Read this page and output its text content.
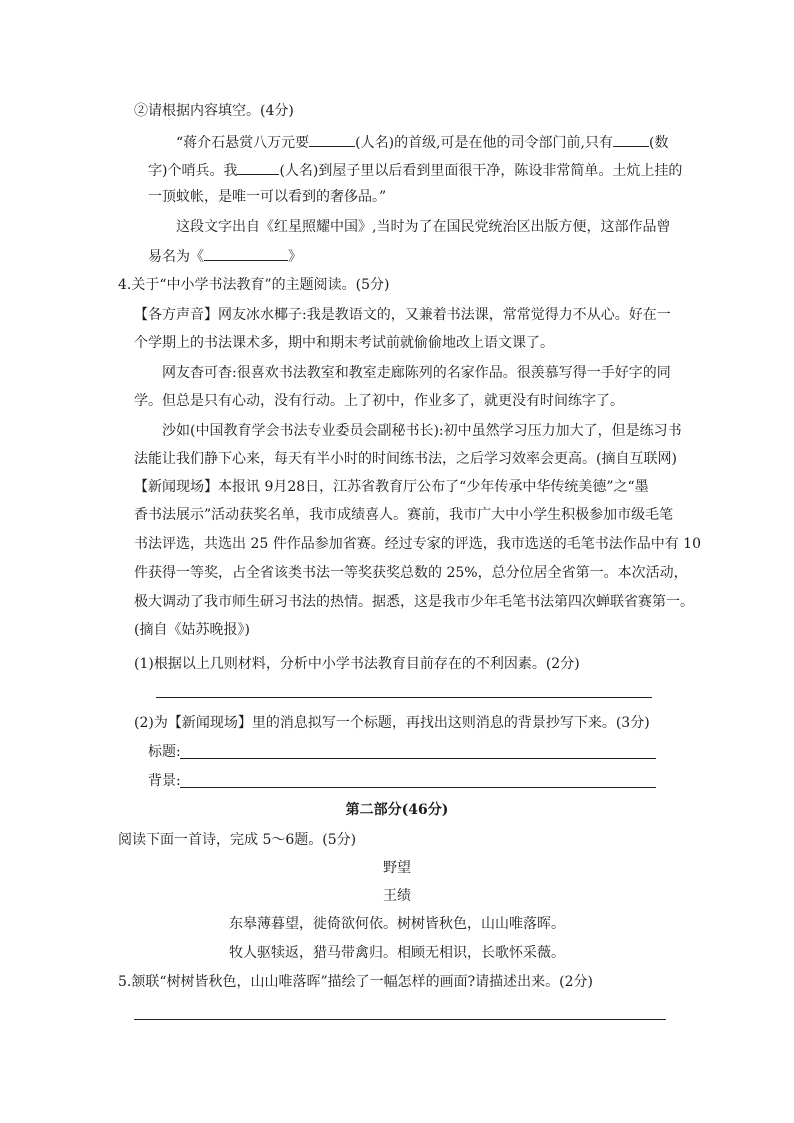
②请根据内容填空。(4分)
“蒋介石悬赏八万元要	(人名)的首级,可是在他的司令部门前,只有	(数
字)个哨兵。我	(人名)到屋子里以后看到里面很干净，陈设非常简单。土炕上挂的
一顶蚊帐，是唯一可以看到的奢侈品。”
这段文字出自《红星照耀中国》,当时为了在国民党统治区出版方便，这部作品曾
易名为《	》
4.关于“中小学书法教育”的主题阅读。(5分)
【各方声音】网友冰水椰子:我是教语文的，又兼着书法课，常常觉得力不从心。好在一
个学期上的书法课术多，期中和期末考试前就偷偷地改上语文课了。
网友杳可杳:很喜欢书法教室和教室走廊陈列的名家作品。很羡慕写得一手好字的同
学。但总是只有心动，没有行动。上了初中，作业多了，就更没有时间练字了。
沙如(中国教育学会书法专业委员会副秘书长):初中虽然学习压力加大了，但是练习书
法能让我们静下心来，每天有半小时的时间练书法，之后学习效率会更高。(摘自互联网)
【新闻现场】本报讯 9月28日，江苏省教育厅公布了“少年传承中华传统美德”之“墨
香书法展示”活动获奖名单，我市成绩喜人。赛前，我市广大中小学生积极参加市级毛笔
书法评选，共选出 25 件作品参加省赛。经过专家的评选，我市选送的毛笔书法作品中有 10
件获得一等奖，占全省该类书法一等奖获奖总数的 25%，总分位居全省第一。本次活动，
极大调动了我市师生研习书法的热情。据悉，这是我市少年毛笔书法第四次蝉联省赛第一。
(摘自《姑苏晚报》)
(1)根据以上几则材料，分析中小学书法教育目前存在的不利因素。(2分)
(2)为【新闻现场】里的消息拟写一个标题，再找出这则消息的背景抄写下来。(3分)
标题:
背景:
第二部分(46分)
阅读下面一首诗，完成 5～6题。(5分)
野望
王绩
东皋薄暮望，徙倚欲何依。树树皆秋色，山山唯落晖。
牧人驱犊返，猎马带禽归。相顾无相识，长歌怀采薇。
5.颔联“树树皆秋色，山山唯落晖”描绘了一幅怎样的画面?请描述出来。(2分)
